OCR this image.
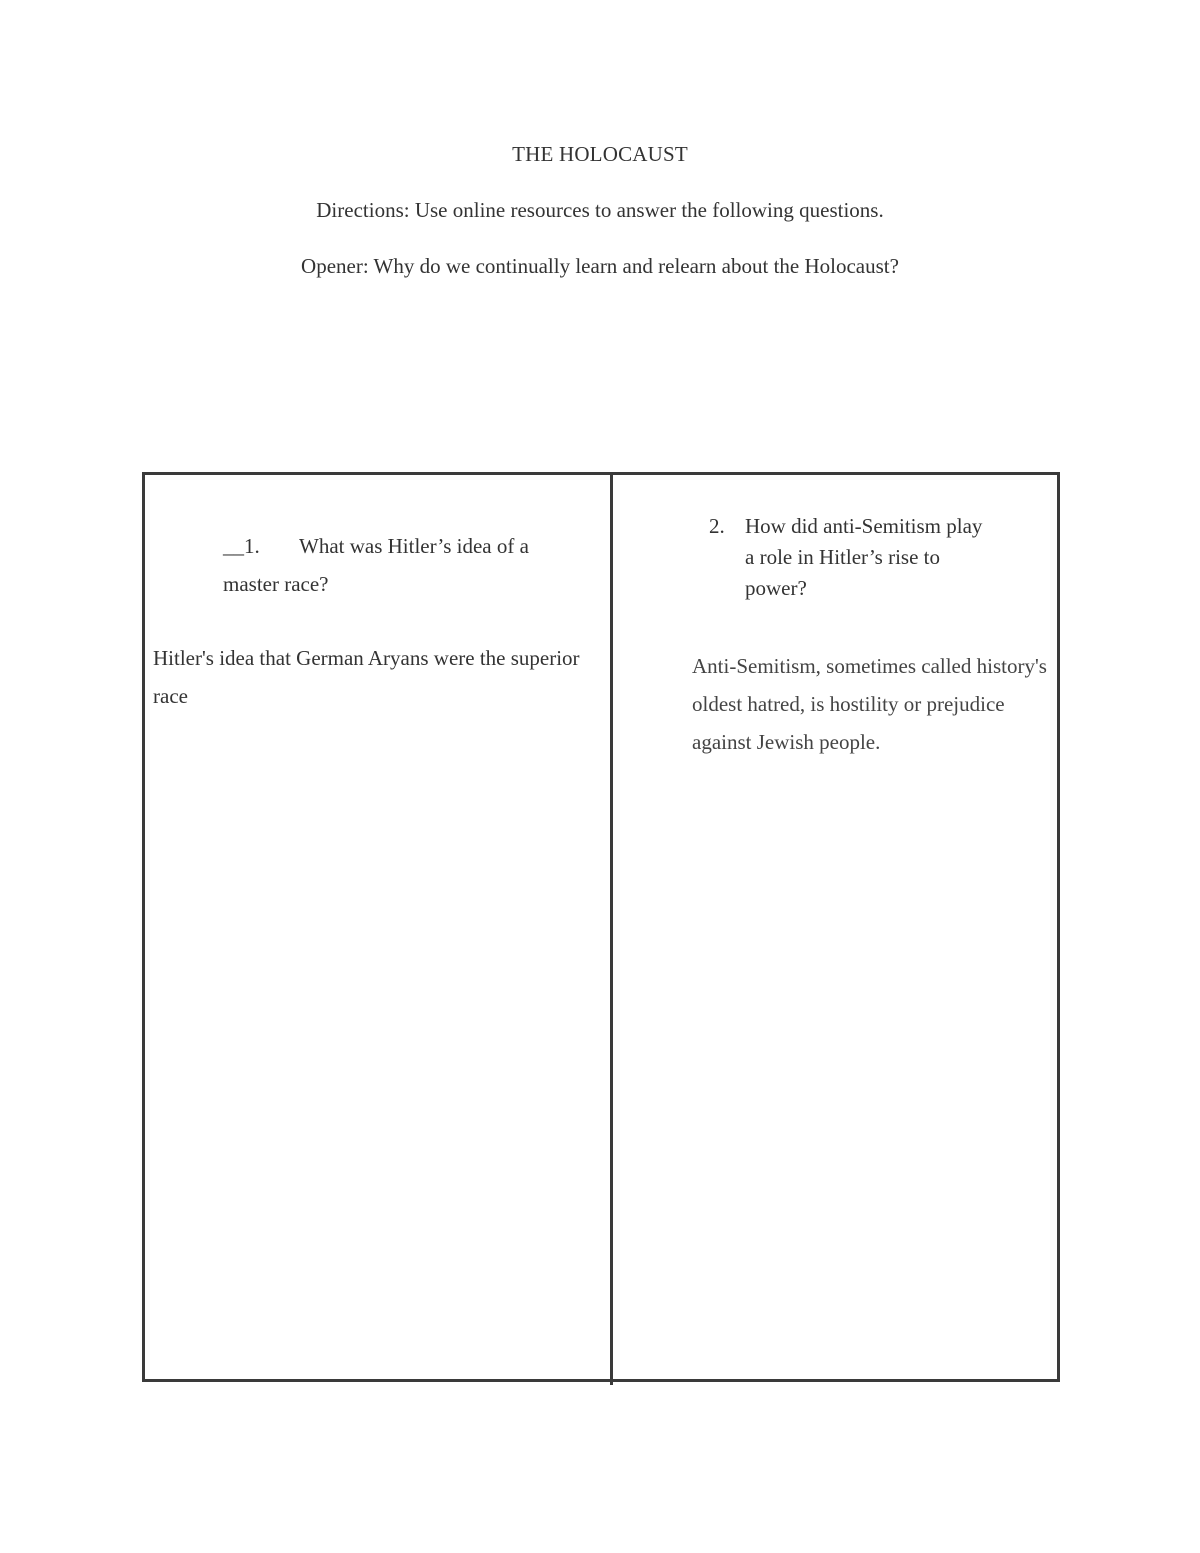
THE HOLOCAUST
Directions: Use online resources to answer the following questions.
Opener: Why do we continually learn and relearn about the Holocaust?
__1. What was Hitler’s idea of a master race?
Hitler's idea that German Aryans were the superior race
2. How did anti-Semitism play a role in Hitler’s rise to power?
Anti-Semitism, sometimes called history's oldest hatred, is hostility or prejudice against Jewish people.
